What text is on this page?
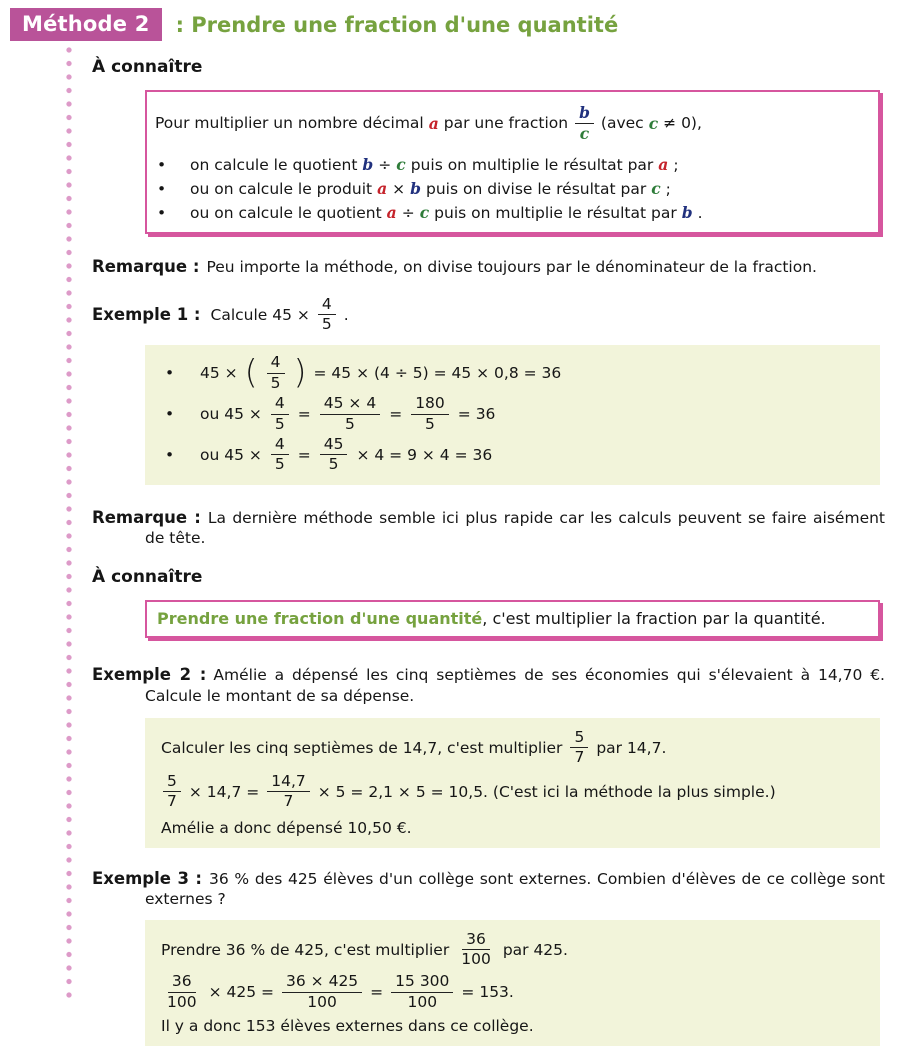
Méthode 2	: Prendre une fraction d'une quantité
À connaître
Pour multiplier un nombre décimal a par une fraction $\frac{b}{c}$ (avec c ≠ 0),
•	on calcule le quotient b ÷ c puis on multiplie le résultat par a ;
•	ou on calcule le produit a × b puis on divise le résultat par c ;
•	ou on calcule le quotient a ÷ c puis on multiplie le résultat par b .

Remarque : Peu importe la méthode, on divise toujours par le dénominateur de la fraction.

Exemple 1 : Calcule $45 \times \frac{4}{5}$ .
•	45 × ( $\frac{4}{5}$ ) = 45 × (4 ÷ 5) = 45 × 0,8 = 36
•	ou $45 \times \frac{4}{5} = \frac{45 \times 4}{5} = \frac{180}{5} = 36$
•	ou $45 \times \frac{4}{5} = \frac{45}{5} \times 4 = 9 \times 4 = 36$

Remarque : La dernière méthode semble ici plus rapide car les calculs peuvent se faire aisément de tête.

À connaître
Prendre une fraction d'une quantité, c'est multiplier la fraction par la quantité.

Exemple 2 : Amélie a dépensé les cinq septièmes de ses économies qui s'élevaient à 14,70 €. Calcule le montant de sa dépense.

Calculer les cinq septièmes de 14,7, c'est multiplier $\frac{5}{7}$ par 14,7.
$\frac{5}{7} \times 14,7 = \frac{14,7}{7} \times 5 = 2,1 \times 5 = 10,5$. (C'est ici la méthode la plus simple.)
Amélie a donc dépensé 10,50 €.

Exemple 3 : 36 % des 425 élèves d'un collège sont externes. Combien d'élèves de ce collège sont externes ?

Prendre 36 % de 425, c'est multiplier $\frac{36}{100}$ par 425.
$\frac{36}{100} \times 425 = \frac{36 \times 425}{100} = \frac{15 300}{100} = 153$.
Il y a donc 153 élèves externes dans ce collège.
